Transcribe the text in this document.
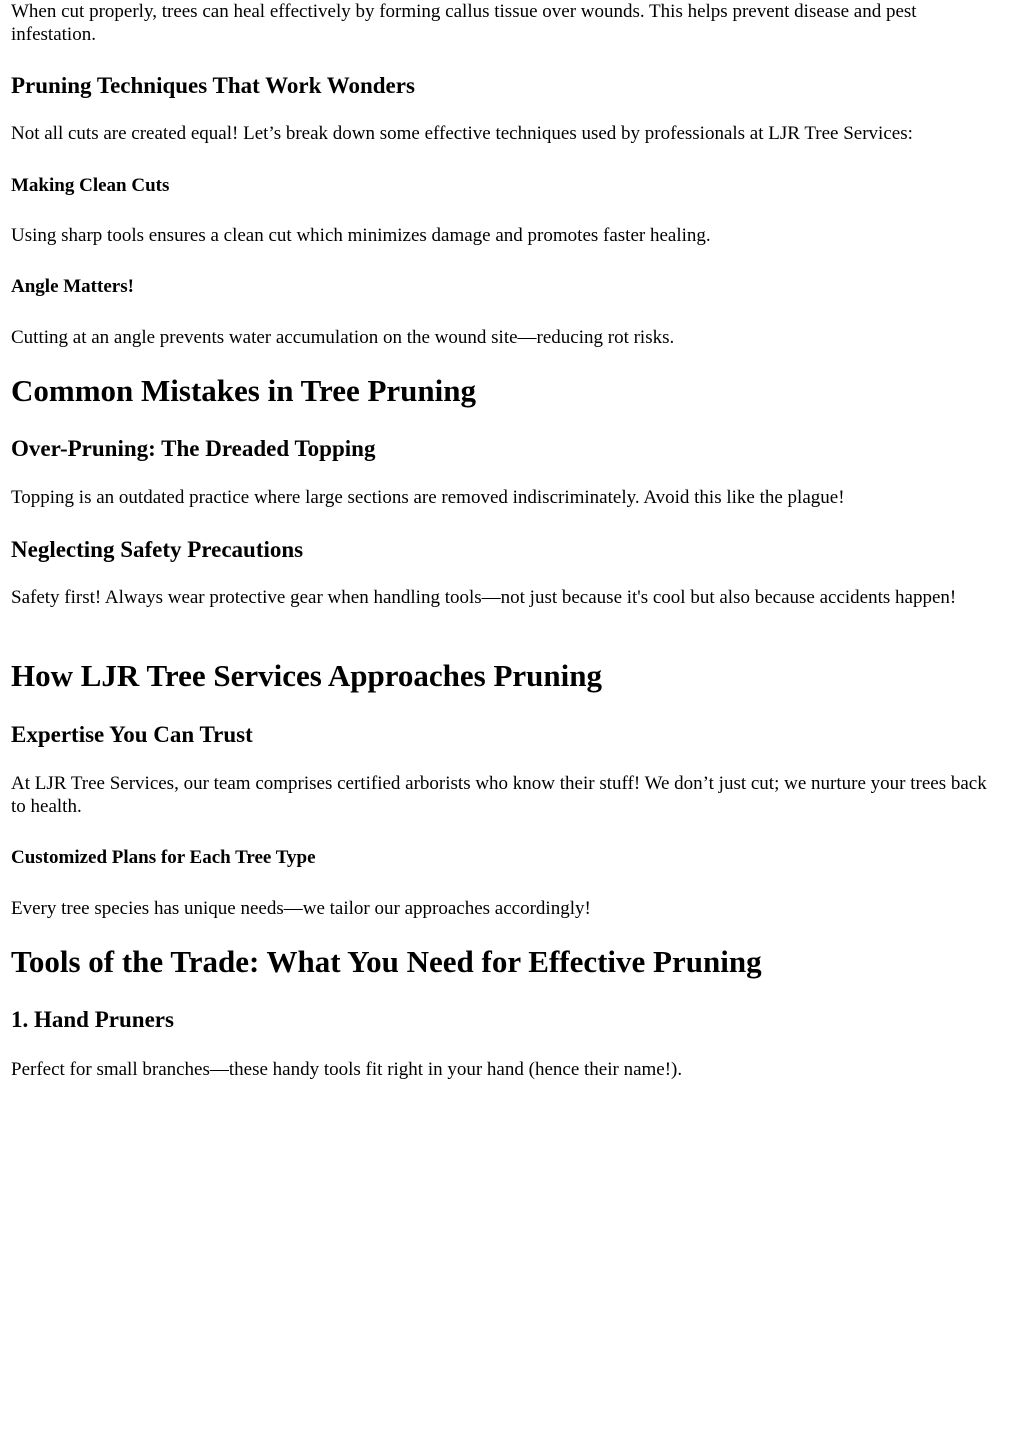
When cut properly, trees can heal effectively by forming callus tissue over wounds. This helps prevent disease and pest infestation.

Pruning Techniques That Work Wonders

Not all cuts are created equal! Let’s break down some effective techniques used by professionals at LJR Tree Services:

Making Clean Cuts

Using sharp tools ensures a clean cut which minimizes damage and promotes faster healing.

Angle Matters!

Cutting at an angle prevents water accumulation on the wound site—reducing rot risks.

Common Mistakes in Tree Pruning
Over-Pruning: The Dreaded Topping

Topping is an outdated practice where large sections are removed indiscriminately. Avoid this like the plague!

Neglecting Safety Precautions

Safety first! Always wear protective gear when handling tools—not just because it's cool but also because accidents happen!

How LJR Tree Services Approaches Pruning
Expertise You Can Trust

At LJR Tree Services, our team comprises certified arborists who know their stuff! We don’t just cut; we nurture your trees back to health.

Customized Plans for Each Tree Type

Every tree species has unique needs—we tailor our approaches accordingly!

Tools of the Trade: What You Need for Effective Pruning
1. Hand Pruners

Perfect for small branches—these handy tools fit right in your hand (hence their name!).
